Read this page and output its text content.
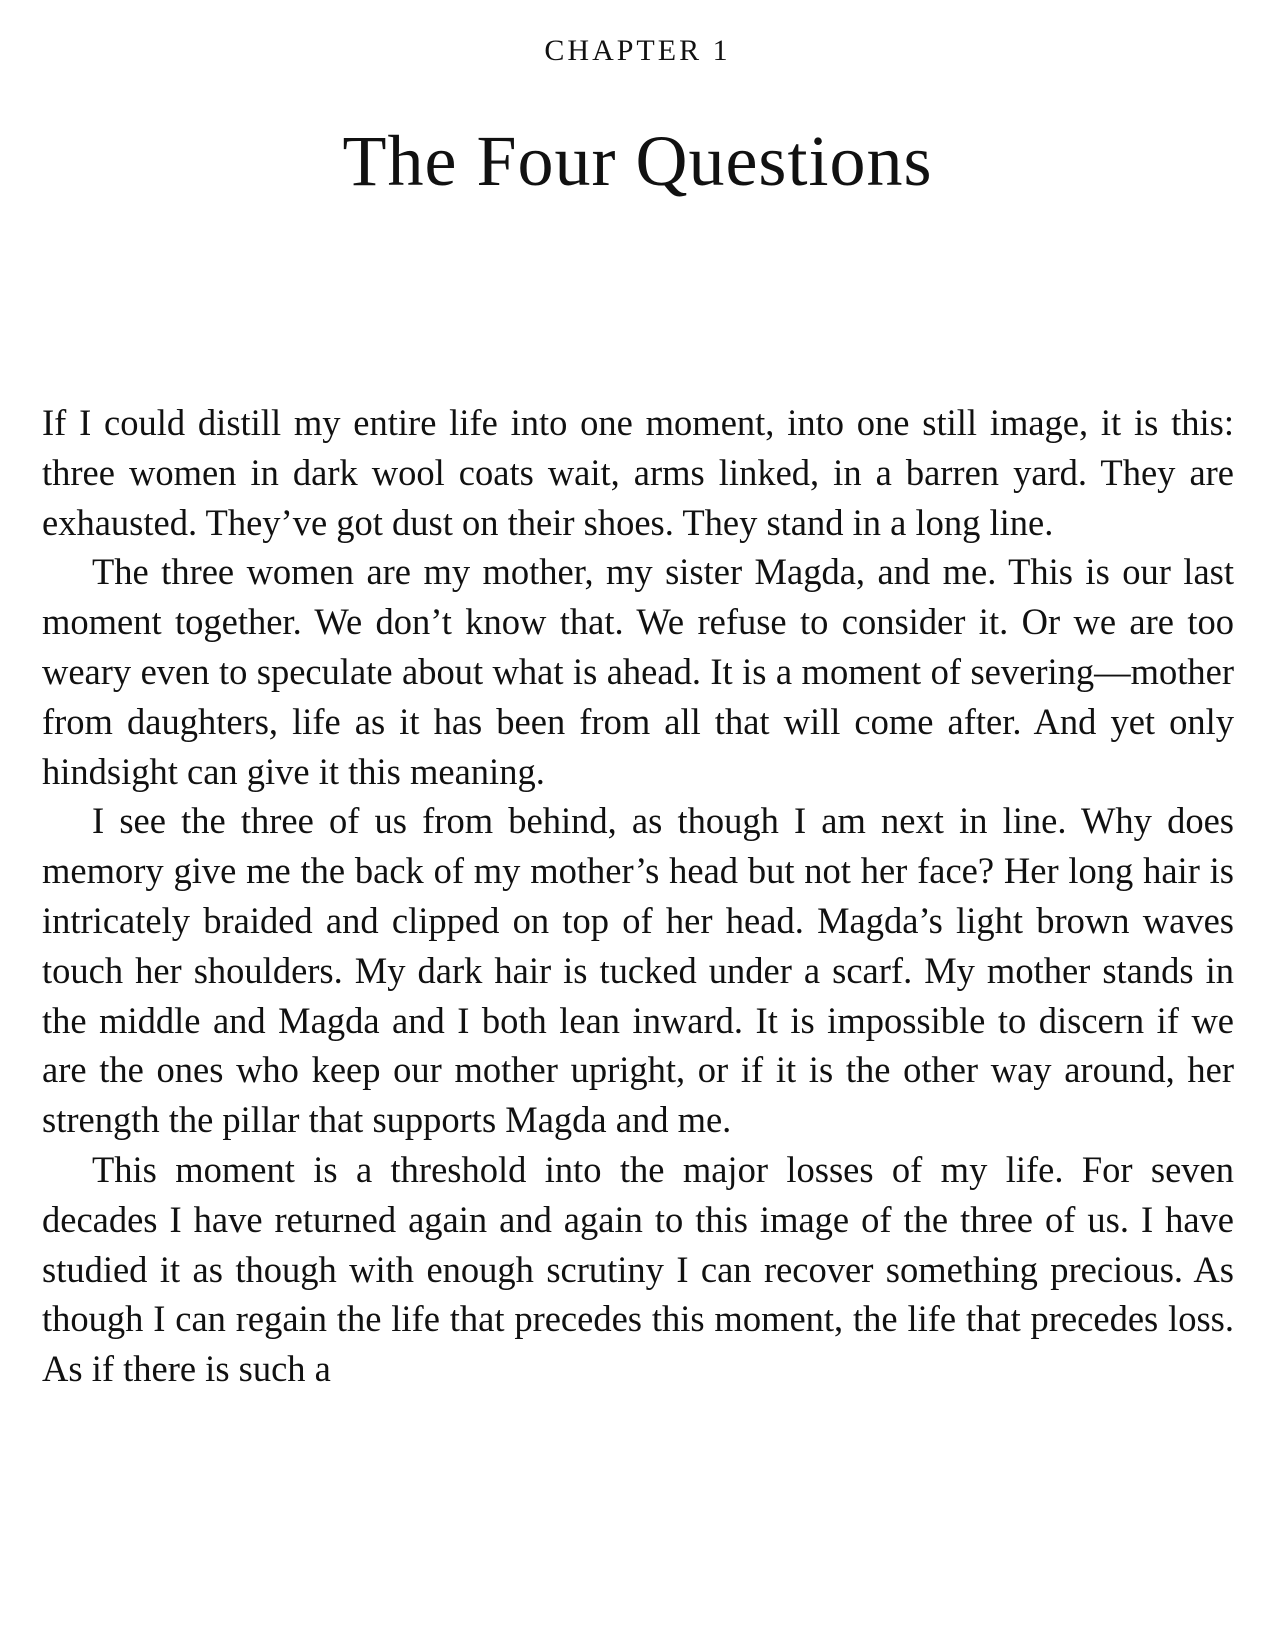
CHAPTER 1
The Four Questions

If I could distill my entire life into one moment, into one still image, it is this: three women in dark wool coats wait, arms linked, in a barren yard. They are exhausted. They’ve got dust on their shoes. They stand in a long line.

The three women are my mother, my sister Magda, and me. This is our last moment together. We don’t know that. We refuse to consider it. Or we are too weary even to speculate about what is ahead. It is a moment of severing—mother from daughters, life as it has been from all that will come after. And yet only hindsight can give it this meaning.

I see the three of us from behind, as though I am next in line. Why does memory give me the back of my mother’s head but not her face? Her long hair is intricately braided and clipped on top of her head. Magda’s light brown waves touch her shoulders. My dark hair is tucked under a scarf. My mother stands in the middle and Magda and I both lean inward. It is impossible to discern if we are the ones who keep our mother upright, or if it is the other way around, her strength the pillar that supports Magda and me.

This moment is a threshold into the major losses of my life. For seven decades I have returned again and again to this image of the three of us. I have studied it as though with enough scrutiny I can recover something precious. As though I can regain the life that precedes this moment, the life that precedes loss. As if there is such a
